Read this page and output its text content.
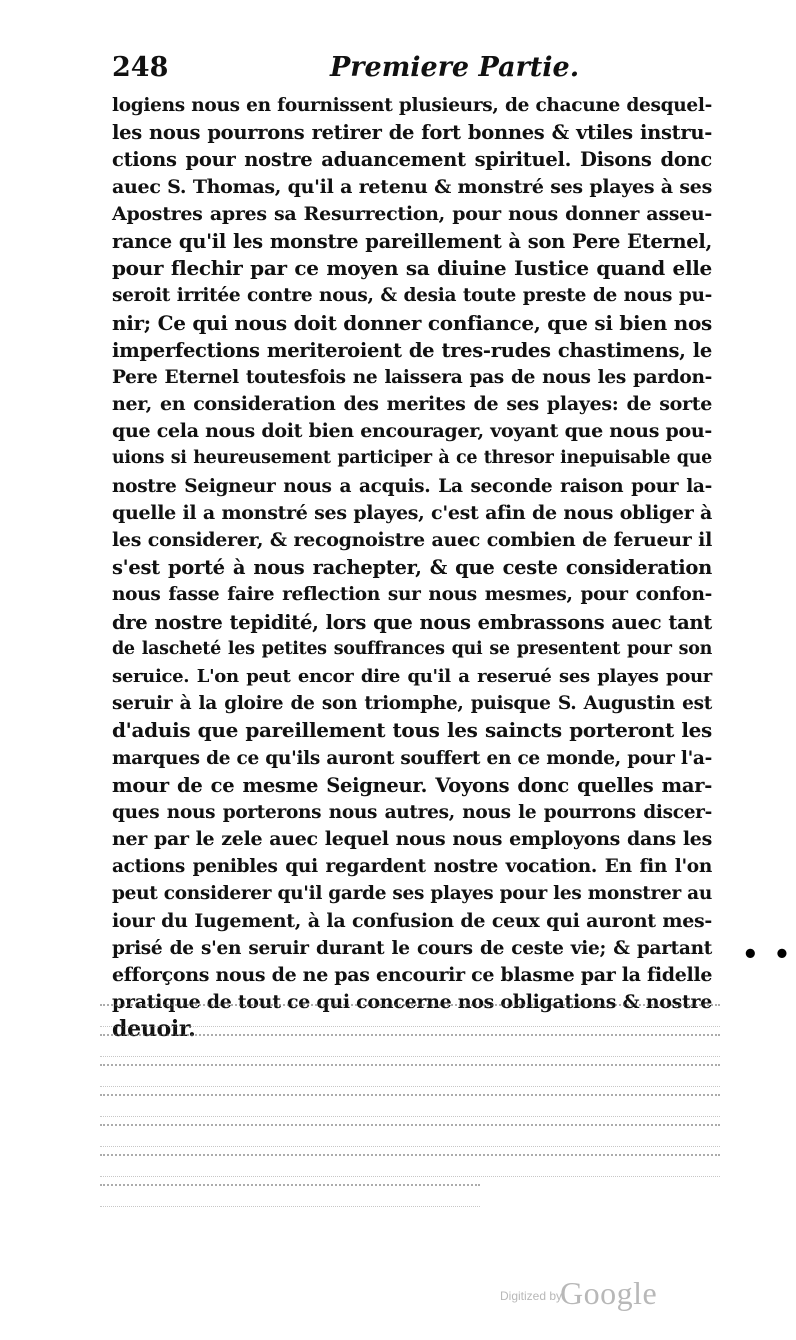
248	Premiere Partie.
logiens nous en fournissent plusieurs, de chacune desquel-
les nous pourrons retirer de fort bonnes & vtiles instru-
ctions pour nostre aduancement spirituel. Disons donc
auec S. Thomas, qu'il a retenu & monstré ses playes à ses
Apostres apres sa Resurrection, pour nous donner asseu-
rance qu'il les monstre pareillement à son Pere Eternel,
pour flechir par ce moyen sa diuine Iustice quand elle
seroit irritée contre nous, & desia toute preste de nous pu-
nir; Ce qui nous doit donner confiance, que si bien nos
imperfections meriteroient de tres-rudes chastimens, le
Pere Eternel toutesfois ne laissera pas de nous les pardon-
ner, en consideration des merites de ses playes: de sorte
que cela nous doit bien encourager, voyant que nous pou-
uions si heureusement participer à ce thresor inepuisable que
nostre Seigneur nous a acquis. La seconde raison pour la-
quelle il a monstré ses playes, c'est afin de nous obliger à
les considerer, & recognoistre auec combien de ferueur il
s'est porté à nous rachepter, & que ceste consideration
nous fasse faire reflection sur nous mesmes, pour confon-
dre nostre tepidité, lors que nous embrassons auec tant
de lascheté les petites souffrances qui se presentent pour son
seruice. L'on peut encor dire qu'il a reserué ses playes pour
seruir à la gloire de son triomphe, puisque S. Augustin est
d'aduis que pareillement tous les saincts porteront les
marques de ce qu'ils auront souffert en ce monde, pour l'a-
mour de ce mesme Seigneur. Voyons donc quelles mar-
ques nous porterons nous autres, nous le pourrons discer-
ner par le zele auec lequel nous nous employons dans les
actions penibles qui regardent nostre vocation. En fin l'on
peut considerer qu'il garde ses playes pour les monstrer au
iour du Iugement, à la confusion de ceux qui auront mes-
prisé de s'en seruir durant le cours de ceste vie; & partant
efforçons nous de ne pas encourir ce blasme par la fidelle
pratique de tout ce qui concerne nos obligations & nostre
deuoir.
• •
Digitized by
Google
